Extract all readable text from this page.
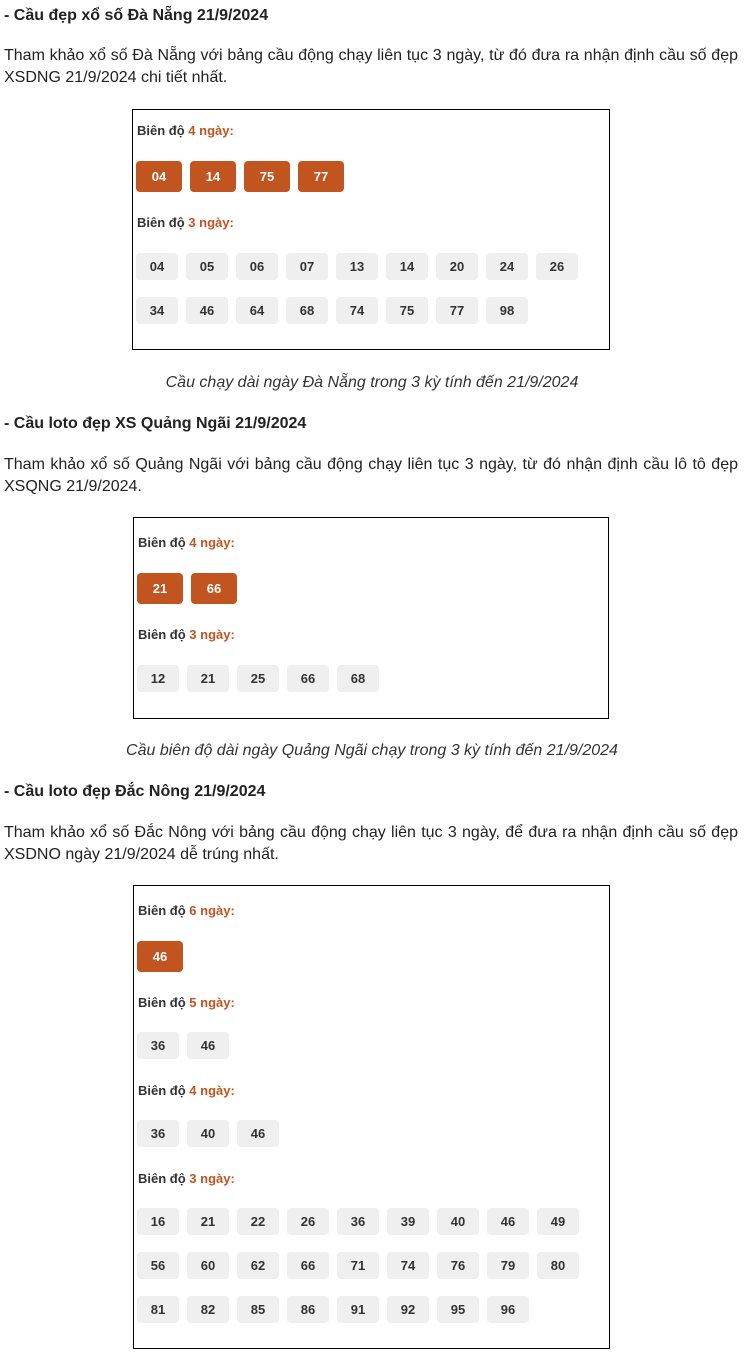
- Cầu đẹp xổ số Đà Nẵng 21/9/2024

Tham khảo xổ số Đà Nẵng với bảng cầu động chạy liên tục 3 ngày, từ đó đưa ra nhận định cầu số đẹp XSDNG 21/9/2024 chi tiết nhất.

Biên độ 4 ngày:
04	14	75	77
Biên độ 3 ngày:
04	05	06	07	13	14	20	24	26
34	46	64	68	74	75	77	98
Cầu chạy dài ngày Đà Nẵng trong 3 kỳ tính đến 21/9/2024
- Cầu loto đẹp XS Quảng Ngãi 21/9/2024

Tham khảo xổ số Quảng Ngãi với bảng cầu động chạy liên tục 3 ngày, từ đó nhận định cầu lô tô đẹp XSQNG 21/9/2024.

Biên độ 4 ngày:
21	66
Biên độ 3 ngày:
12	21	25	66	68
Cầu biên độ dài ngày Quảng Ngãi chạy trong 3 kỳ tính đến 21/9/2024
- Cầu loto đẹp Đắc Nông 21/9/2024

Tham khảo xổ số Đắc Nông với bảng cầu động chạy liên tục 3 ngày, để đưa ra nhận định cầu số đẹp XSDNO ngày 21/9/2024 dễ trúng nhất.

Biên độ 6 ngày:
46
Biên độ 5 ngày:
36	46
Biên độ 4 ngày:
36	40	46
Biên độ 3 ngày:
16	21	22	26	36	39	40	46	49
56	60	62	66	71	74	76	79	80
81	82	85	86	91	92	95	96
